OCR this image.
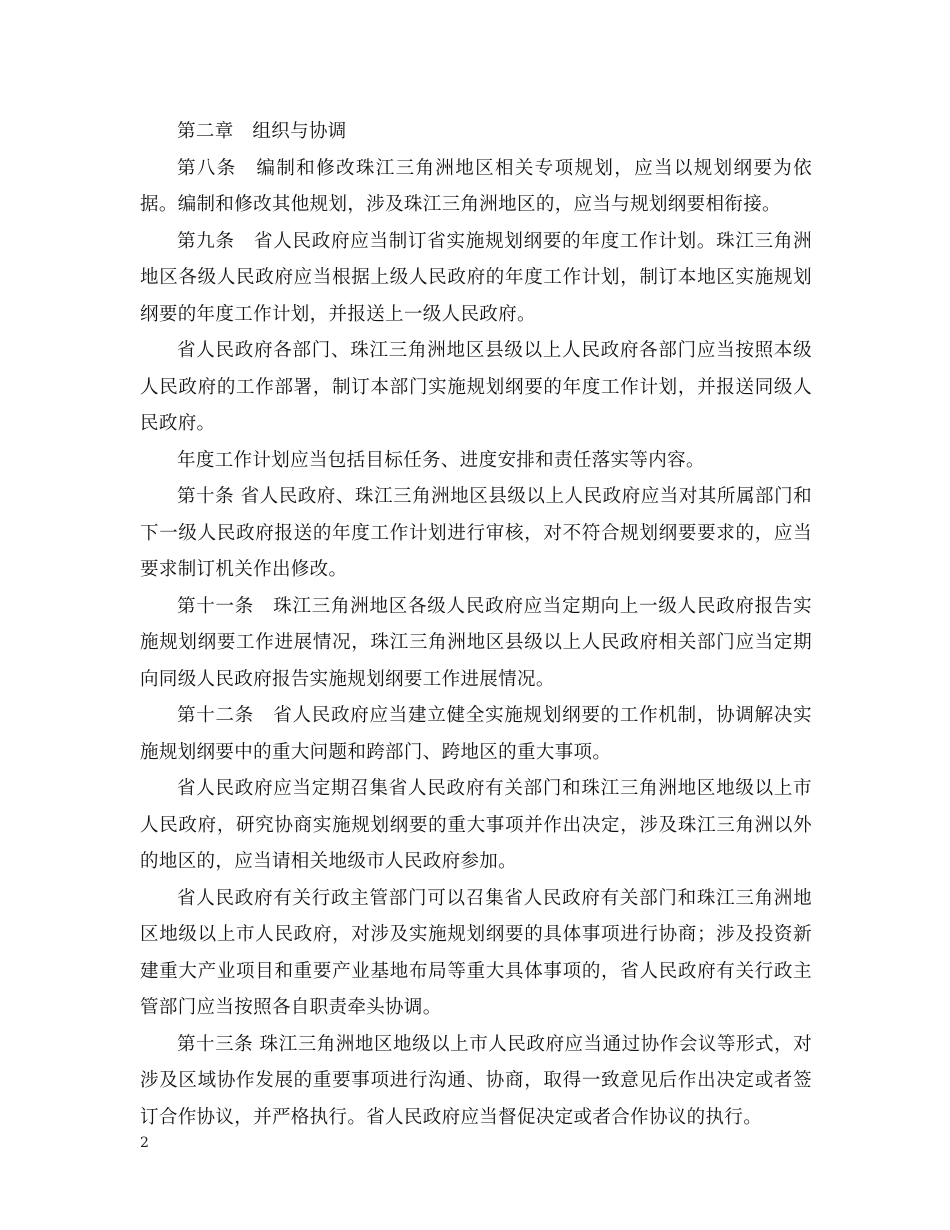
第二章　组织与协调

第八条　编制和修改珠江三角洲地区相关专项规划，应当以规划纲要为依据。编制和修改其他规划，涉及珠江三角洲地区的，应当与规划纲要相衔接。

第九条　省人民政府应当制订省实施规划纲要的年度工作计划。珠江三角洲地区各级人民政府应当根据上级人民政府的年度工作计划，制订本地区实施规划纲要的年度工作计划，并报送上一级人民政府。

省人民政府各部门、珠江三角洲地区县级以上人民政府各部门应当按照本级人民政府的工作部署，制订本部门实施规划纲要的年度工作计划，并报送同级人民政府。

年度工作计划应当包括目标任务、进度安排和责任落实等内容。

第十条 省人民政府、珠江三角洲地区县级以上人民政府应当对其所属部门和下一级人民政府报送的年度工作计划进行审核，对不符合规划纲要要求的，应当要求制订机关作出修改。

第十一条　珠江三角洲地区各级人民政府应当定期向上一级人民政府报告实施规划纲要工作进展情况，珠江三角洲地区县级以上人民政府相关部门应当定期向同级人民政府报告实施规划纲要工作进展情况。

第十二条　省人民政府应当建立健全实施规划纲要的工作机制，协调解决实施规划纲要中的重大问题和跨部门、跨地区的重大事项。

省人民政府应当定期召集省人民政府有关部门和珠江三角洲地区地级以上市人民政府，研究协商实施规划纲要的重大事项并作出决定，涉及珠江三角洲以外的地区的，应当请相关地级市人民政府参加。

省人民政府有关行政主管部门可以召集省人民政府有关部门和珠江三角洲地区地级以上市人民政府，对涉及实施规划纲要的具体事项进行协商；涉及投资新建重大产业项目和重要产业基地布局等重大具体事项的，省人民政府有关行政主管部门应当按照各自职责牵头协调。

第十三条 珠江三角洲地区地级以上市人民政府应当通过协作会议等形式，对涉及区域协作发展的重要事项进行沟通、协商，取得一致意见后作出决定或者签订合作协议，并严格执行。省人民政府应当督促决定或者合作协议的执行。

2
